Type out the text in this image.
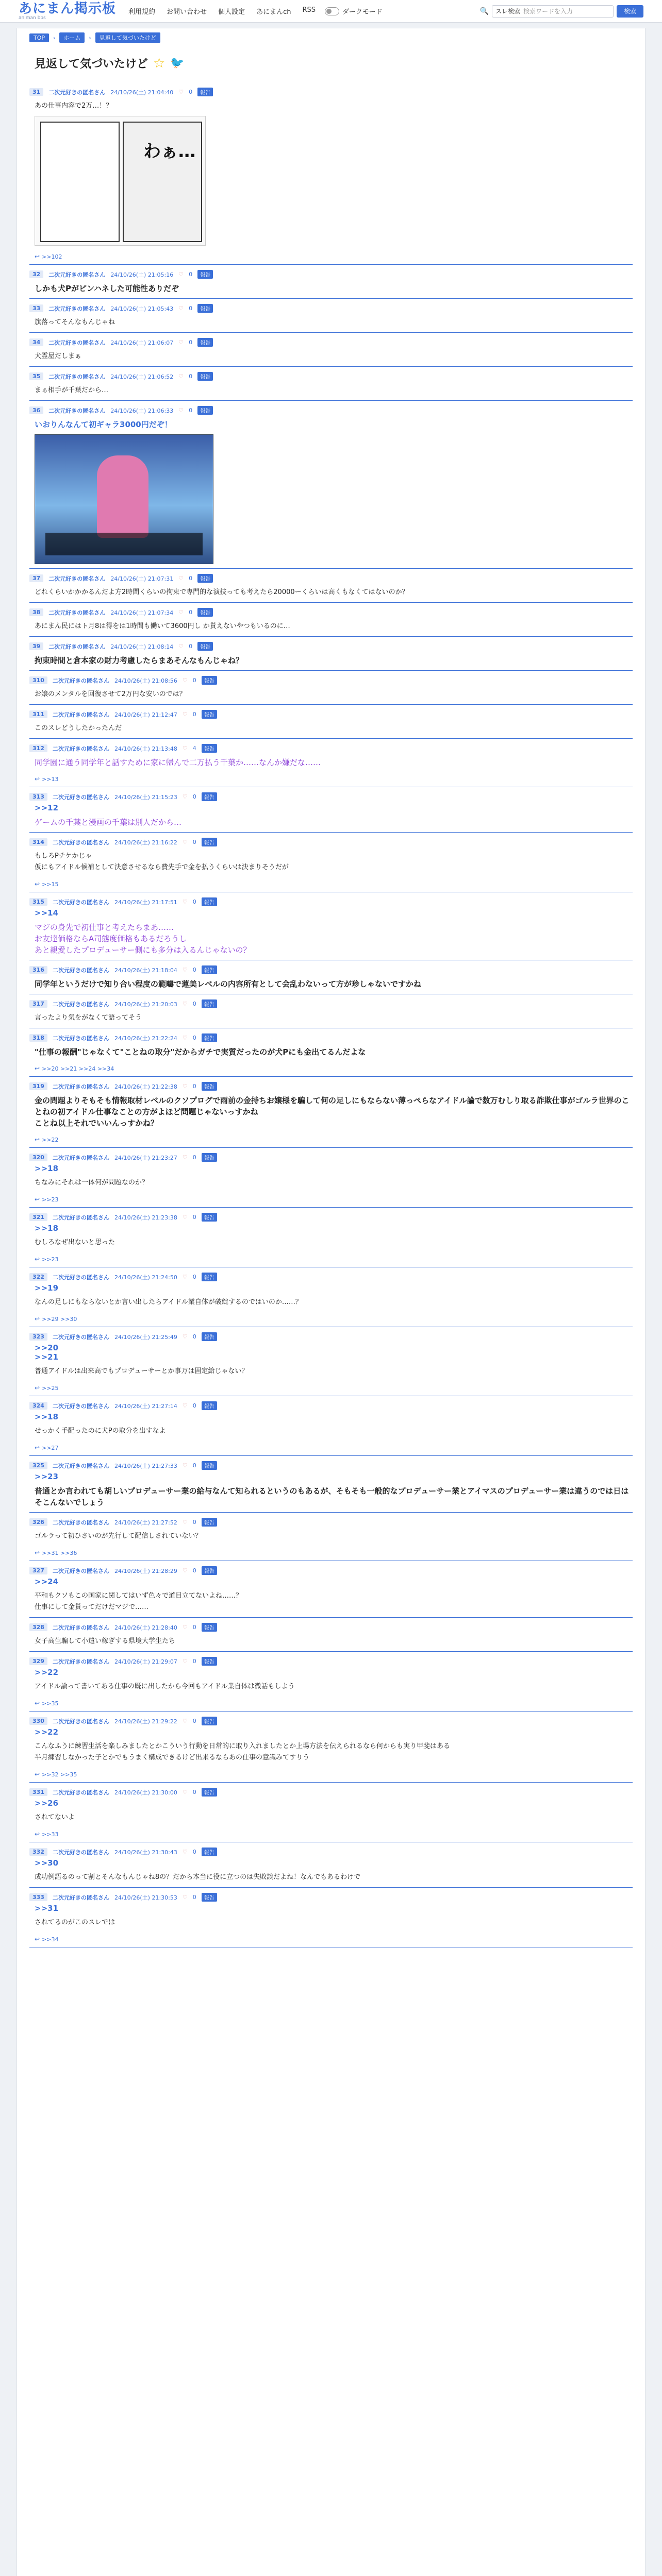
あにまん掲示板
animan bbs
利用規約 お問い合わせ 個人設定 あにまんch RSS	ダークモード	🔍 スレ検索 検索ワードを入力	検索
TOP	›	ホーム	›	見返して気づいたけど
見返して気づいたけど ☆ 🐦
31	二次元好きの匿名さん 24/10/26(土) 21:04:40 ♡ 0	報告
あの仕事内容で2万…！？
わぁ…
↩ >>102
32	二次元好きの匿名さん 24/10/26(土) 21:05:16 ♡ 0	報告
しかも犬Pがピンハネした可能性ありだぞ
33	二次元好きの匿名さん 24/10/26(土) 21:05:43 ♡ 0	報告
旗落ってそんなもんじゃね
34	二次元好きの匿名さん 24/10/26(土) 21:06:07 ♡ 0	報告
犬霊屋だしまぁ
35	二次元好きの匿名さん 24/10/26(土) 21:06:52 ♡ 0	報告
まぁ相手が千葉だから…
36	二次元好きの匿名さん 24/10/26(土) 21:06:33 ♡ 0	報告
いおりんなんて初ギャラ3000円だぞ！
37	二次元好きの匿名さん 24/10/26(土) 21:07:31 ♡ 0	報告
どれくらいかかかるんだよ⽅2時間くらいの拘束で専門的な演技っても考えたら20000ーくらいは高くもなくてはないのか？
38	二次元好きの匿名さん 24/10/26(土) 21:07:34 ♡ 0	報告
あにまん民にはト月8は得をは1時間も働いて3600円し か貰えないやつもいるのに…
39	二次元好きの匿名さん 24/10/26(土) 21:08:14 ♡ 0	報告
拘束時間と倉本家の財力考慮したらまあそんなもんじゃね？
310	二次元好きの匿名さん 24/10/26(土) 21:08:56 ♡ 0	報告
お嬢のメンタルを回復させて2万円な安いのでは？
311	二次元好きの匿名さん 24/10/26(土) 21:12:47 ♡ 0	報告
このスレどうしたかったんだ
312	二次元好きの匿名さん 24/10/26(土) 21:13:48 ♡ 4	報告
同学園に通う同学年と話すために家に帰んで二万払う千葉か……なんか嫌だな……
↩ >>13
313	二次元好きの匿名さん 24/10/26(土) 21:15:23 ♡ 0	報告
>>12
ゲームの千葉と漫画の千葉は別人だから…
314	二次元好きの匿名さん 24/10/26(土) 21:16:22 ♡ 0	報告
もしろPチケかじゃ
仮にもアイドル候補として決意させるなら費先手で金を払うくらいは決まりそうだが
↩ >>15
315	二次元好きの匿名さん 24/10/26(土) 21:17:51 ♡ 0	報告
>>14
マジの身先で初仕事と考えたらまあ……
お友達価格ならA司態度価格もあるだろうし
あと親愛したプロデューサー側にも多分は入るんじゃないの？
316	二次元好きの匿名さん 24/10/26(土) 21:18:04 ♡ 0	報告
同学年というだけで知り合い程度の範疇で蓮美レベルの内容所有として会乱わないって方が珍しゃないですかね
317	二次元好きの匿名さん 24/10/26(土) 21:20:03 ♡ 0	報告
言ったより気をがなくて語ってそう
318	二次元好きの匿名さん 24/10/26(土) 21:22:24 ♡ 0	報告
"仕事の報酬"じゃなくて"ことねの取分"だからガチで実質だったのが犬Pにも金出てるんだよな
↩ >>20 >>21 >>24 >>34
319	二次元好きの匿名さん 24/10/26(土) 21:22:38 ♡ 0	報告
金の問題よりそもそも情報取材レベルのクソプログで雨前の金持ちお嬢様を騙して何の足しにもならない薄っぺらなアイドル論で数万むしり取る詐欺仕事がゴルラ世界のことねの初アイドル仕事なことの方がよほど問題じゃないっすかね
ことね以上それでいいんっすかね？
↩ >>22
320	二次元好きの匿名さん 24/10/26(土) 21:23:27 ♡ 0	報告
>>18
ちなみにそれは一体何が問題なのか？
↩ >>23
321	二次元好きの匿名さん 24/10/26(土) 21:23:38 ♡ 0	報告
>>18
むしろなぜ出ないと思った
↩ >>23
322	二次元好きの匿名さん 24/10/26(土) 21:24:50 ♡ 0	報告
>>19
なんの足しにもならないとか言い出したらアイドル業自体が破綻するのではいのか……？
↩ >>29 >>30
323	二次元好きの匿名さん 24/10/26(土) 21:25:49 ♡ 0	報告
>>20
>>21
普通アイドルは出来高でもプロデューサーとか事万は固定給じゃない？
↩ >>25
324	二次元好きの匿名さん 24/10/26(土) 21:27:14 ♡ 0	報告
>>18
せっかく手配ったのに犬Pの取分を出すなよ
↩ >>27
325	二次元好きの匿名さん 24/10/26(土) 21:27:33 ♡ 0	報告
>>23
普通とか言われても胡しいプロデューサー業の給与なんて知られるというのもあるが、そもそも一般的なプロデューサー業とアイマスのプロデューサー業は違うのでは日はそこんないでしょう
326	二次元好きの匿名さん 24/10/26(土) 21:27:52 ♡ 0	報告
ゴルラって初ひさいのが先行して配信しされていない？
↩ >>31 >>36
327	二次元好きの匿名さん 24/10/26(土) 21:28:29 ♡ 0	報告
>>24
平和もクソもこの国家に関してはいず色々で道目立てないよね……？
仕事にして金貰ってだけだマジで……
328	二次元好きの匿名さん 24/10/26(土) 21:28:40 ♡ 0	報告
女子高生騙して小遣い稼ぎする県境大学生たち
329	二次元好きの匿名さん 24/10/26(土) 21:29:07 ♡ 0	報告
>>22
アイドル論って書いてある仕事の既に出したから今回もアイドル業自体は微話もしよう
↩ >>35
330	二次元好きの匿名さん 24/10/26(土) 21:29:22 ♡ 0	報告
>>22
こんなふうに練習生活を楽しみましたとかこういう行動を日常的に取り入れましたとか上場方法を伝えられるなら何からも実り甲斐はある
半月練習しなかった子とかでもうまく構成できるけど出来るならあの仕事の意識みてすりう
↩ >>32 >>35
331	二次元好きの匿名さん 24/10/26(土) 21:30:00 ♡ 0	報告
>>26
されてないよ
↩ >>33
332	二次元好きの匿名さん 24/10/26(土) 21:30:43 ♡ 0	報告
>>30
成功例語るのって割とそんなもんじゃね8の？だから本当に役に立つのは失敗談だよね！なんでもあるわけで
333	二次元好きの匿名さん 24/10/26(土) 21:30:53 ♡ 0	報告
>>31
されてるのがこのスレでは
↩ >>34
